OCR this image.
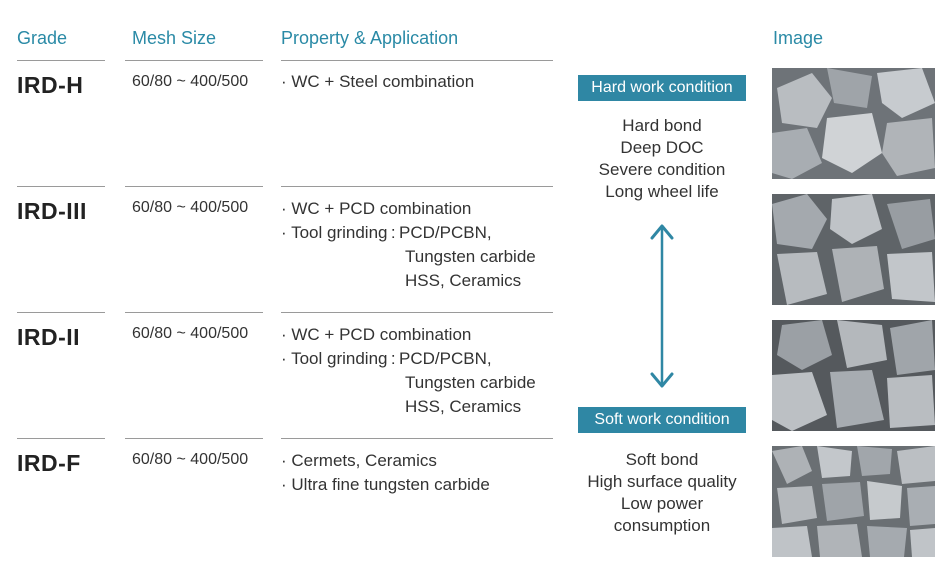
Grade	Mesh Size	Property & Application	Image
IRD-H	60/80 ~ 400/500 · WC + Steel combination
IRD-III	60/80 ~ 400/500 · WC + PCD combination
· Tool grinding : PCD/PCBN,
Tungsten carbide
HSS, Ceramics
IRD-II	60/80 ~ 400/500 · WC + PCD combination
· Tool grinding : PCD/PCBN,
Tungsten carbide
HSS, Ceramics
IRD-F	60/80 ~ 400/500 · Cermets, Ceramics
· Ultra fine tungsten carbide
Hard work condition
Hard bond
Deep DOC
Severe condition
Long wheel life
Soft work condition
Soft bond
High surface quality
Low power
consumption
